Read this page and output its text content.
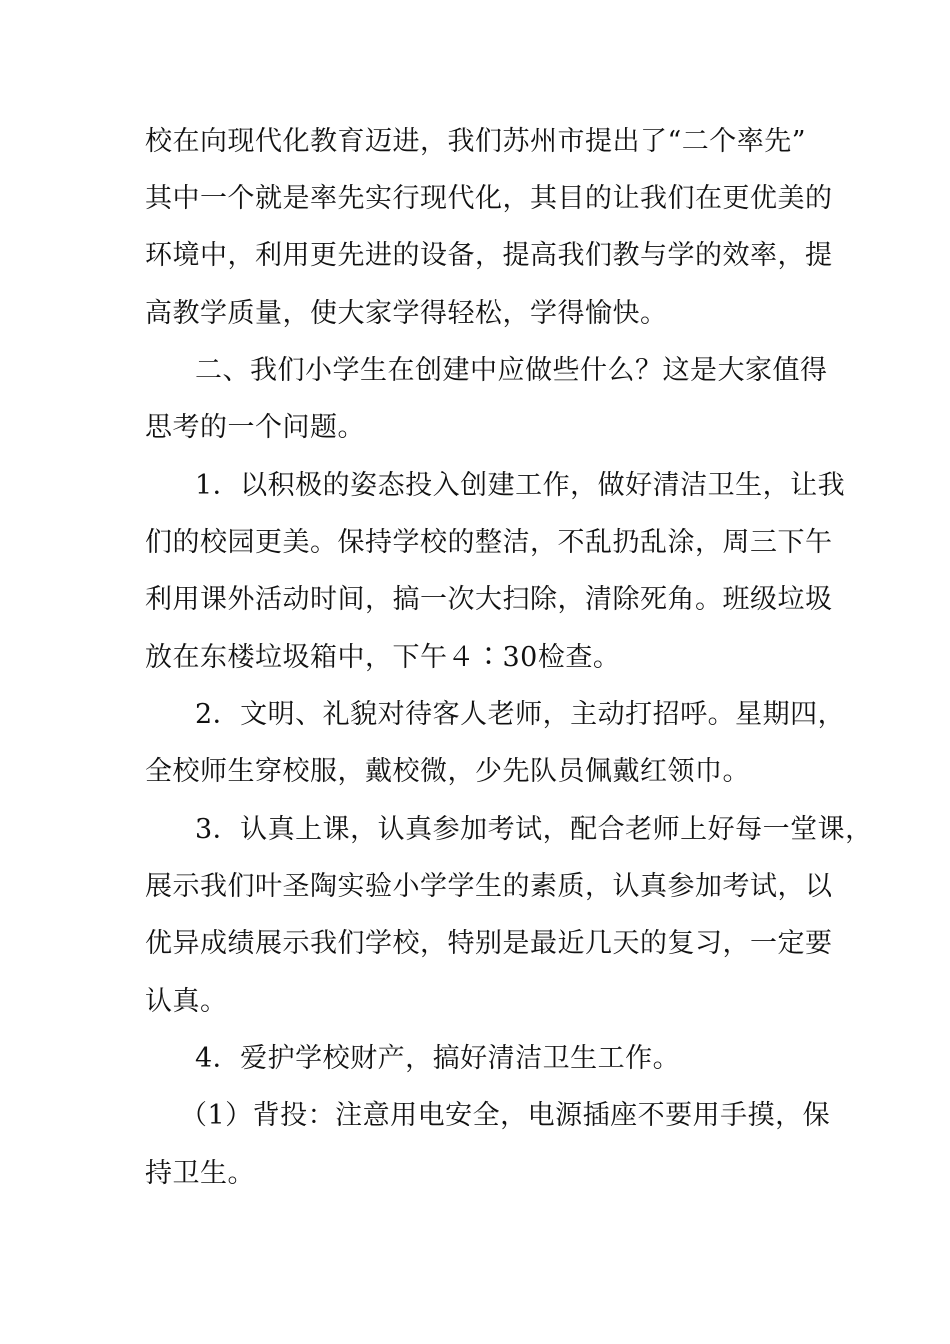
校在向现代化教育迈进，我们苏州市提出了“二个率先”
其中一个就是率先实行现代化，其目的让我们在更优美的
环境中，利用更先进的设备，提高我们教与学的效率，提
高教学质量，使大家学得轻松，学得愉快。
二、我们小学生在创建中应做些什么？这是大家值得
思考的一个问题。
1．以积极的姿态投入创建工作，做好清洁卫生，让我
们的校园更美。保持学校的整洁，不乱扔乱涂，周三下午
利用课外活动时间，搞一次大扫除，清除死角。班级垃圾
放在东楼垃圾箱中，下午４∶30检查。
2．文明、礼貌对待客人老师，主动打招呼。星期四，
全校师生穿校服，戴校微，少先队员佩戴红领巾。
3．认真上课，认真参加考试，配合老师上好每一堂课，
展示我们叶圣陶实验小学学生的素质，认真参加考试，以
优异成绩展示我们学校，特别是最近几天的复习，一定要
认真。
4．爱护学校财产，搞好清洁卫生工作。
（1）背投：注意用电安全，电源插座不要用手摸，保
持卫生。
